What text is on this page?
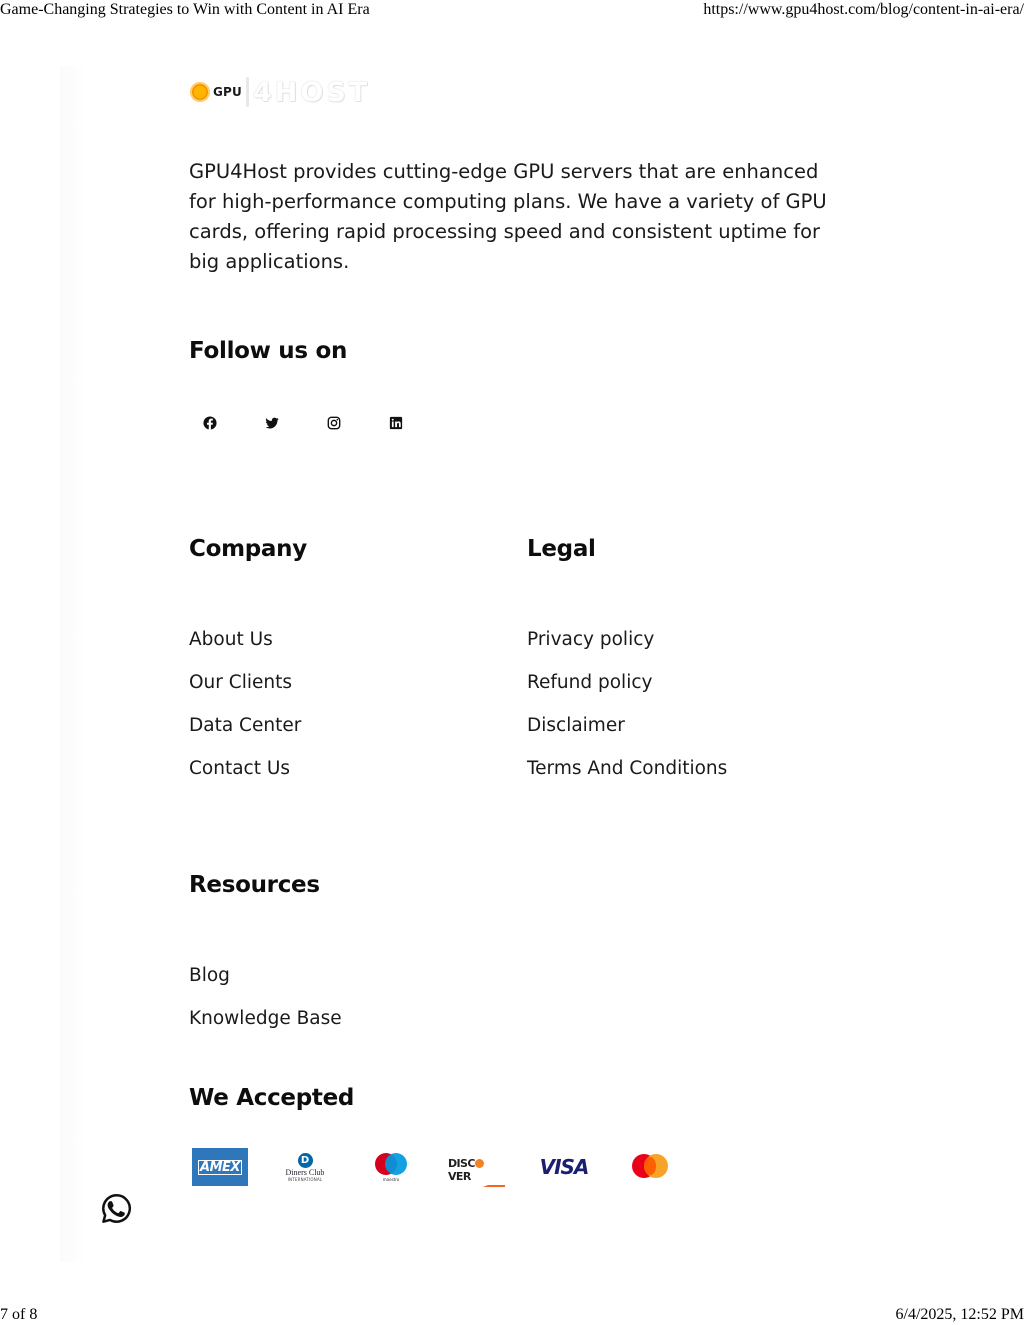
Game-Changing Strategies to Win with Content in AI Era	https://www.gpu4host.com/blog/content-in-ai-era/
GPU 4HOST

GPU4Host provides cutting-edge GPU servers that are enhanced for high-performance computing plans. We have a variety of GPU cards, offering rapid processing speed and consistent uptime for big applications.

Follow us on
Company
About Us
Our Clients
Data Center
Contact Us
Legal
Privacy policy
Refund policy
Disclaimer
Terms And Conditions
Resources
Blog
Knowledge Base
We Accepted
AMEX	D
Diners Club
INTERNATIONAL	maestro
DISCVER	VISA
7 of 8	6/4/2025, 12:52 PM
